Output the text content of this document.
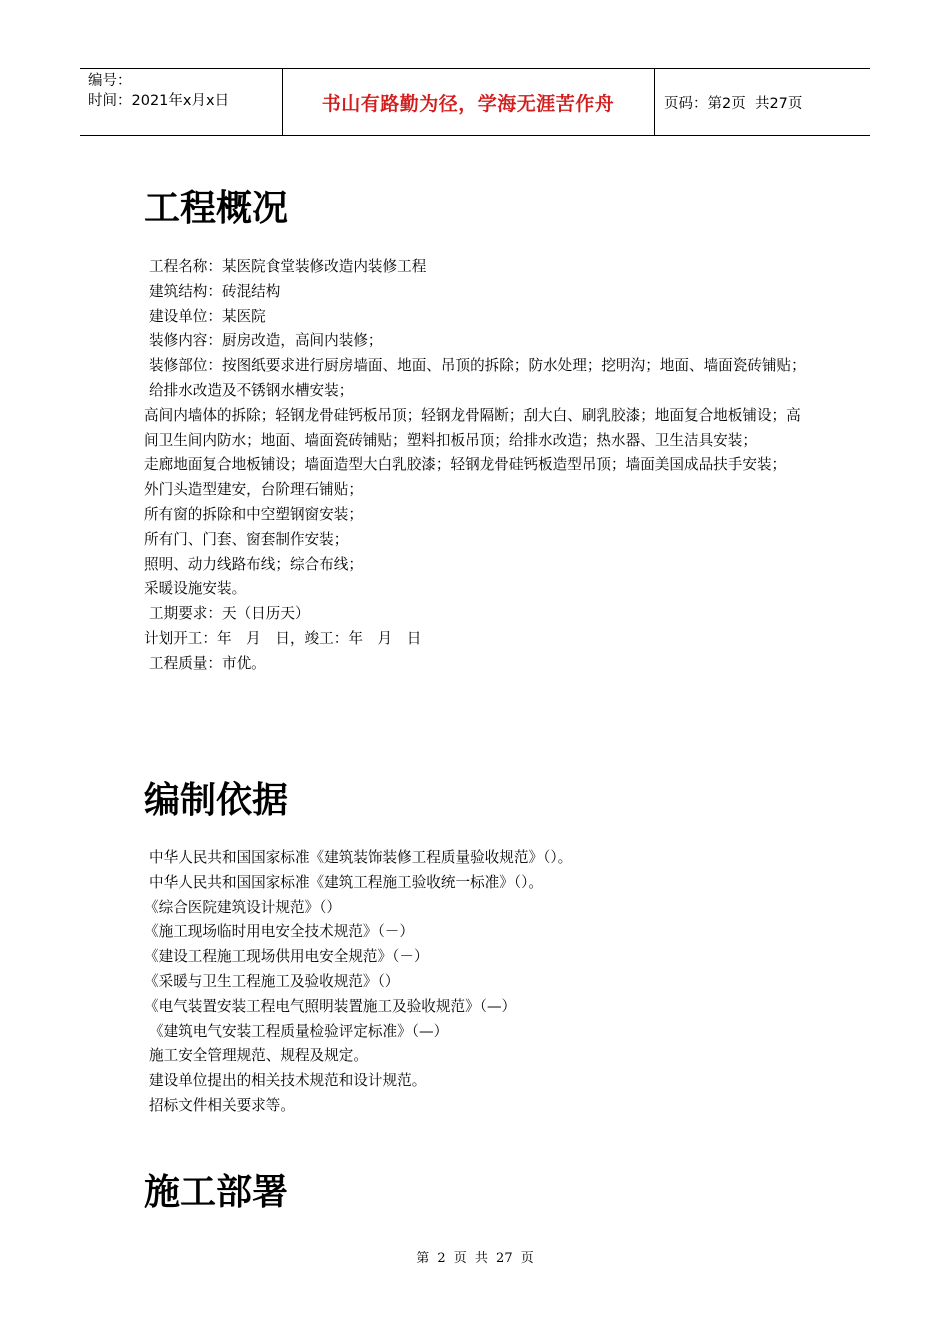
编号：
时间：2021年x月x日	书山有路勤为径，学海无涯苦作舟	页码：第2页  共27页
工程概况

工程名称：某医院食堂装修改造内装修工程

建筑结构：砖混结构

建设单位：某医院

装修内容：厨房改造，高间内装修；

装修部位：按图纸要求进行厨房墙面、地面、吊顶的拆除；防水处理；挖明沟；地面、墙面瓷砖铺贴；给排水改造及不锈钢水槽安装；

高间内墙体的拆除；轻钢龙骨硅钙板吊顶；轻钢龙骨隔断；刮大白、刷乳胶漆；地面复合地板铺设；高间卫生间内防水；地面、墙面瓷砖铺贴；塑料扣板吊顶；给排水改造；热水器、卫生洁具安装；

走廊地面复合地板铺设；墙面造型大白乳胶漆；轻钢龙骨硅钙板造型吊顶；墙面美国成品扶手安装；

外门头造型建安，台阶理石铺贴；

所有窗的拆除和中空塑钢窗安装；

所有门、门套、窗套制作安装；

照明、动力线路布线；综合布线；

采暖设施安装。

工期要求：天（日历天）

计划开工：年　月　日，竣工：年　月　日

工程质量：市优。

编制依据

中华人民共和国国家标准《建筑装饰装修工程质量验收规范》（）。

中华人民共和国国家标准《建筑工程施工验收统一标准》（）。

《综合医院建筑设计规范》（）

《施工现场临时用电安全技术规范》（－）

《建设工程施工现场供用电安全规范》（－）

《采暖与卫生工程施工及验收规范》（）

《电气装置安装工程电气照明装置施工及验收规范》（—）

《建筑电气安装工程质量检验评定标准》（—）

施工安全管理规范、规程及规定。

建设单位提出的相关技术规范和设计规范。

招标文件相关要求等。

施工部署
第 2 页 共 27 页
